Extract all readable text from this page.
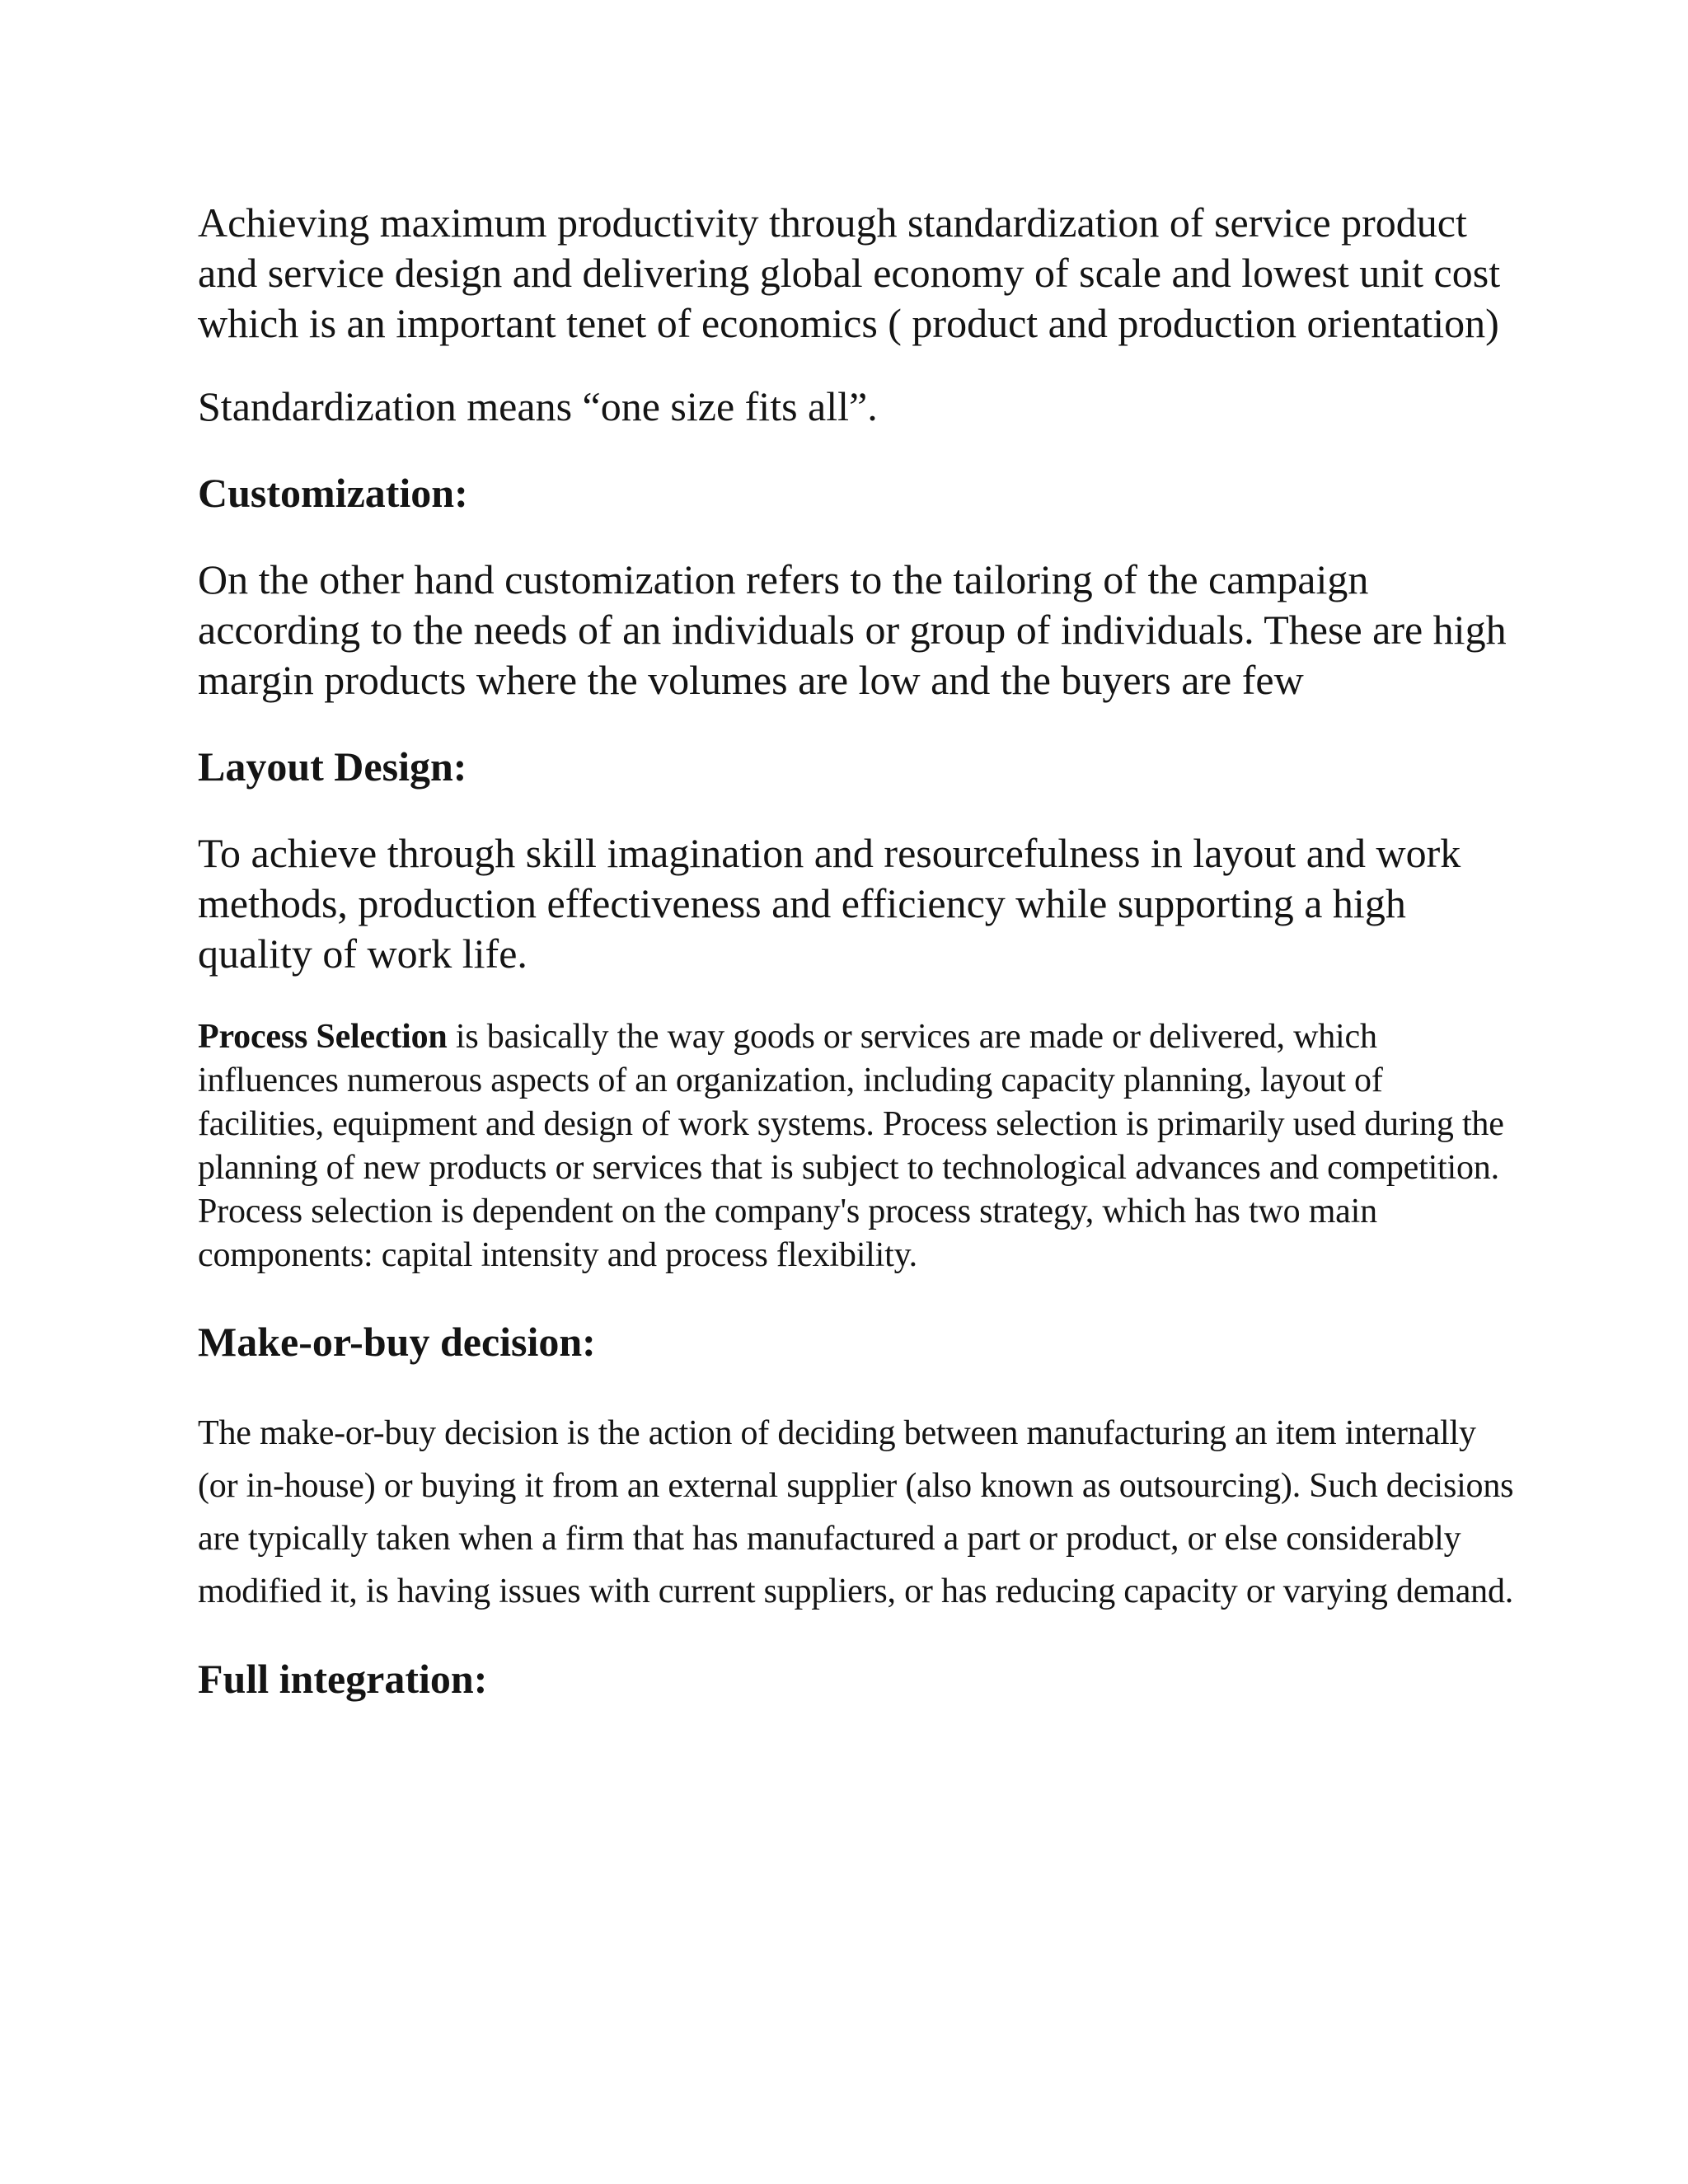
Achieving maximum productivity through standardization of service product and service design and delivering global economy of scale and lowest unit cost which is an important tenet of economics ( product and production orientation)

Standardization means “one size fits all”.

Customization:

On the other hand customization refers to the tailoring of the campaign according to the needs of an individuals or group of individuals. These are high margin products where the volumes are low and the buyers are few

Layout Design:

To achieve through skill imagination and resourcefulness in layout and work methods, production effectiveness and efficiency while supporting a high quality of work life.

Process Selection is basically the way goods or services are made or delivered, which influences numerous aspects of an organization, including capacity planning, layout of facilities, equipment and design of work systems. Process selection is primarily used during the planning of new products or services that is subject to technological advances and competition. Process selection is dependent on the company's process strategy, which has two main components: capital intensity and process flexibility.

Make-or-buy decision:

The make-or-buy decision is the action of deciding between manufacturing an item internally (or in-house) or buying it from an external supplier (also known as outsourcing). Such decisions are typically taken when a firm that has manufactured a part or product, or else considerably modified it, is having issues with current suppliers, or has reducing capacity or varying demand.

Full integration:
